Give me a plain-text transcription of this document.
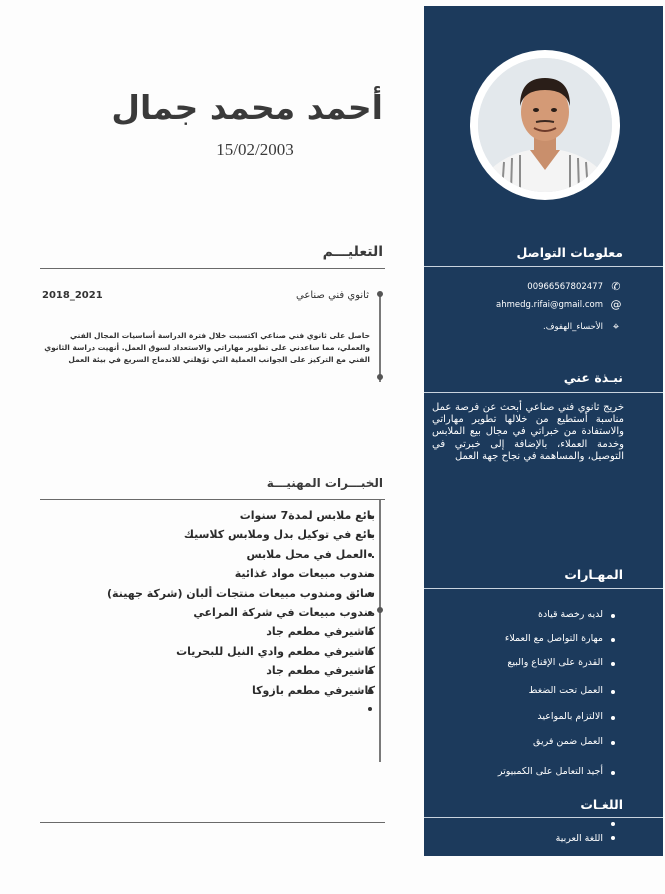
معلومات التواصل
✆
00966567802477
@
ahmedg.rifai@gmail.com
⌖
الأحساء_الهفوف.
نبـذة عني
خريج ثانوي فني صناعي أبحث عن فرصة عمل مناسبة أستطيع من خلالها تطوير مهاراتي والاستفادة من خبراتي في مجال بيع الملابس وخدمة العملاء، بالإضافة إلى خبرتي في التوصيل، والمساهمة في نجاح جهة العمل
المهـارات
لديه رخصة قيادة
مهارة التواصل مع العملاء
القدرة على الإقناع والبيع
العمل تحت الضغط
الالتزام بالمواعيد
العمل ضمن فريق
أجيد التعامل على الكمبيوتر
اللغـات
اللغة العربية
أحمد محمد جمال
15/02/2003
التعليـــم
ثانوي فني صناعي
2018_2021
حاصل على ثانوي فني صناعي اكتسبت خلال فترة الدراسة أساسيات المجال الفني والعملي، مما ساعدني على تطوير مهاراتي والاستعداد لسوق العمل. أنهيت دراسة الثانوي الفني مع التركيز على الجوانب العملية التي تؤهلني للاندماج السريع في بيئة العمل
الخبـــرات المهنيـــة
بائع ملابس لمدة7 سنوات
بائع في توكيل بدل وملابس كلاسيك
. العمل في محل ملابس
مندوب مبيعات مواد غذائية
سائق ومندوب مبيعات منتجات ألبان (شركة جهينة)
مندوب مبيعات في شركة المراعي
كاشيرفي مطعم جاد
كاشيرفي مطعم وادي النيل للبحريات
كاشيرفي مطعم جاد
كاشيرفي مطعم بازوكا
